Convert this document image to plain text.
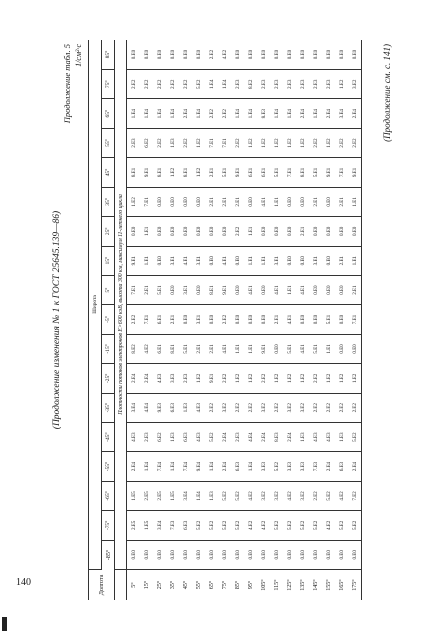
140
(Продолжение изменения № 1 к ГОСТ 25645.139—86)
Продолжение табл. 5 1/см²·с
Долгота	Широта																	
	-85°	-75°	-65°	-55°	-45°	-35°	-25°	-15°	-5°	5°	15°	25°	35°	45°	55°	65°	75°	85°
	Плотности потоков электронов Е>600 кэВ, высота 300 км, максимум 11-летнего цикла																	
5°	0.E0	2.E5	1.E5	2.E4	4.E3	3.E4	2.E4	8.E2	2.E2	7.E1	9.E1	0.E0	1.E2	8.E1	2.E3	1.E4	2.E2	0.E0
15°	0.E0	1.E5	2.E5	1.E4	2.E3	4.E4	2.E4	4.E2	7.E1	2.E1	1.E1	1.E1	7.E1	9.E1	6.E2	1.E4	2.E2	0.E0
25°	0.E0	3.E4	2.E5	7.E4	6.E2	9.E3	4.E3	6.E1	6.E1	5.E1	0.E0	0.E0	0.E0	8.E1	2.E2	1.E4	2.E2	0.E0
35°	0.E0	7.E3	1.E5	1.E4	1.E3	6.E3	3.E3	8.E1	2.E1	0.E0	3.E1	0.E0	0.E0	1.E2	1.E3	1.E4	2.E2	0.E0
45°	0.E0	6.E3	3.E4	7.E4	6.E3	1.E3	2.E3	5.E1	0.E0	3.E1	4.E1	0.E0	0.E0	8.E1	2.E2	2.E4	2.E2	0.E0
55°	0.E0	5.E2	1.E4	9.E4	4.E3	4.E3	1.E2	2.E1	3.E1	0.E0	3.E1	0.E0	0.E0	1.E2	1.E2	1.E4	5.E2	0.E0
65°	0.E0	5.E2	1.E3	1.E4	5.E2	2.E2	9.E1	2.E1	0.E0	8.E1	0.E0	0.E0	2.E1	2.E1	7.E1	2.E2	1.E4	2.E2
75°	0.E0	5.E2	5.E2	2.E4	2.E4	3.E2	2.E2	4.E1	2.E2	9.E1	4.E1	0.E0	2.E1	5.E1	7.E1	2.E2	1.E4	4.E2
85°	0.E0	5.E2	5.E2	6.E3	2.E3	2.E2	1.E2	1.E1	0.E0	0.E0	0.E0	2.E2	2.E1	9.E1	2.E2	1.E4	2.E3	0.E0
95°	0.E0	4.E2	4.E2	1.E4	4.E4	2.E2	1.E2	1.E1	0.E0	4.E1	1.E1	1.E1	0.E0	6.E1	1.E2	1.E4	8.E2	0.E0
105°	0.E0	4.E2	3.E2	3.E3	2.E4	3.E2	2.E2	9.E1	0.E0	0.E0	1.E1	0.E0	4.E1	6.E1	1.E2	8.E3	2.E3	0.E0
115°	0.E0	5.E2	3.E2	5.E2	8.E3	2.E2	1.E2	0.E0	2.E1	4.E1	3.E1	0.E0	1.E1	5.E1	1.E2	1.E4	2.E3	0.E0
125°	0.E0	5.E2	4.E2	3.E3	2.E4	3.E2	1.E2	5.E1	4.E1	1.E1	0.E0	0.E0	0.E0	7.E1	1.E2	1.E4	2.E3	0.E0
135°	0.E0	5.E2	3.E2	3.E3	1.E3	3.E2	1.E2	4.E1	0.E0	4.E1	0.E0	2.E1	0.E0	8.E1	1.E2	2.E4	2.E3	0.E0
145°	0.E0	5.E2	2.E2	7.E3	4.E3	2.E2	2.E2	5.E1	0.E0	0.E0	3.E1	0.E0	2.E1	5.E1	2.E2	1.E4	2.E3	0.E0
155°	0.E0	4.E2	5.E2	2.E4	4.E3	2.E2	1.E2	1.E1	5.E1	0.E0	0.E0	0.E0	0.E0	9.E1	1.E2	2.E4	2.E3	0.E0
165°	0.E0	5.E2	4.E2	6.E3	1.E3	2.E2	1.E2	0.E0	0.E0	0.E0	2.E1	0.E0	2.E1	7.E1	2.E2	3.E4	1.E2	0.E0
175°	0.E0	5.E2	7.E2	2.E4	5.E2	2.E2	1.E2	0.E0	7.E1	2.E1	1.E1	0.E0	1.E1	9.E1	2.E2	2.E4	3.E2	0.E0	(Продолжение см. с. 141)
